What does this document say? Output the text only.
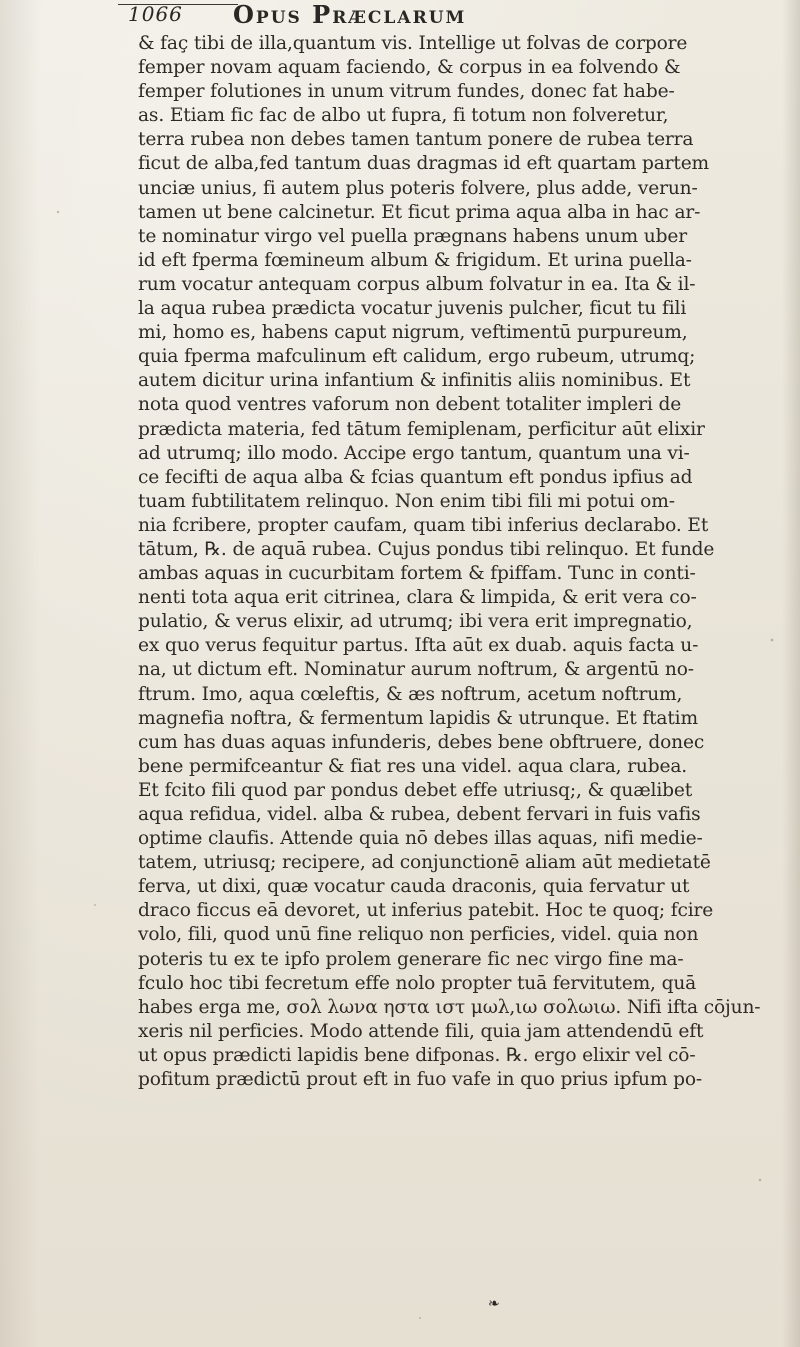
1066 Opus Præclarum
& faç tibi de illa,quantum vis. Intellige ut folvas de corpore
femper novam aquam faciendo, & corpus in ea folvendo &
femper folutiones in unum vitrum fundes, donec fat habe-
as. Etiam fic fac de albo ut fupra, fi totum non folveretur,
terra rubea non debes tamen tantum ponere de rubea terra
ficut de alba,fed tantum duas dragmas id eft quartam partem
unciæ unius, fi autem plus poteris folvere, plus adde, verun-
tamen ut bene calcinetur. Et ficut prima aqua alba in hac ar-
te nominatur virgo vel puella prægnans habens unum uber
id eft fperma fœmineum album & frigidum. Et urina puella-
rum vocatur antequam corpus album folvatur in ea. Ita & il-
la aqua rubea prædicta vocatur juvenis pulcher, ficut tu fili
mi, homo es, habens caput nigrum, veftimentū purpureum,
quia fperma mafculinum eft calidum, ergo rubeum, utrumq;
autem dicitur urina infantium & infinitis aliis nominibus. Et
nota quod ventres vaforum non debent totaliter impleri de
prædicta materia, fed tātum femiplenam, perficitur aūt elixir
ad utrumq; illo modo. Accipe ergo tantum, quantum una vi-
ce fecifti de aqua alba & fcias quantum eft pondus ipfius ad
tuam fubtilitatem relinquo. Non enim tibi fili mi potui om-
nia fcribere, propter caufam, quam tibi inferius declarabo. Et
tātum, ℞. de aquā rubea. Cujus pondus tibi relinquo. Et funde
ambas aquas in cucurbitam fortem & fpiffam. Tunc in conti-
nenti tota aqua erit citrinea, clara & limpida, & erit vera co-
pulatio, & verus elixir, ad utrumq; ibi vera erit impregnatio,
ex quo verus fequitur partus. Ifta aūt ex duab. aquis facta u-
na, ut dictum eft. Nominatur aurum noftrum, & argentū no-
ftrum. Imo, aqua cœleftis, & æs noftrum, acetum noftrum,
magnefia noftra, & fermentum lapidis & utrunque. Et ftatim
cum has duas aquas infunderis, debes bene obftruere, donec
bene permifceantur & fiat res una videl. aqua clara, rubea.
Et fcito fili quod par pondus debet effe utriusq;, & quælibet
aqua refidua, videl. alba & rubea, debent fervari in fuis vafis
optime claufis. Attende quia nō debes illas aquas, nifi medie-
tatem, utriusq; recipere, ad conjunctionē aliam aūt medietatē
ferva, ut dixi, quæ vocatur cauda draconis, quia fervatur ut
draco ficcus eā devoret, ut inferius patebit. Hoc te quoq; fcire
volo, fili, quod unū fine reliquo non perficies, videl. quia non
poteris tu ex te ipfo prolem generare fic nec virgo fine ma-
fculo hoc tibi fecretum effe nolo propter tuā fervitutem, quā
habes erga me, σολ λωνα ηστα ιστ μωλ,ιω σολωιω. Nifi ifta cōjun-
xeris nil perficies. Modo attende fili, quia jam attendendū eft
ut opus prædicti lapidis bene difponas. ℞. ergo elixir vel cō-
pofitum prædictū prout eft in fuo vafe in quo prius ipfum po-
❧
